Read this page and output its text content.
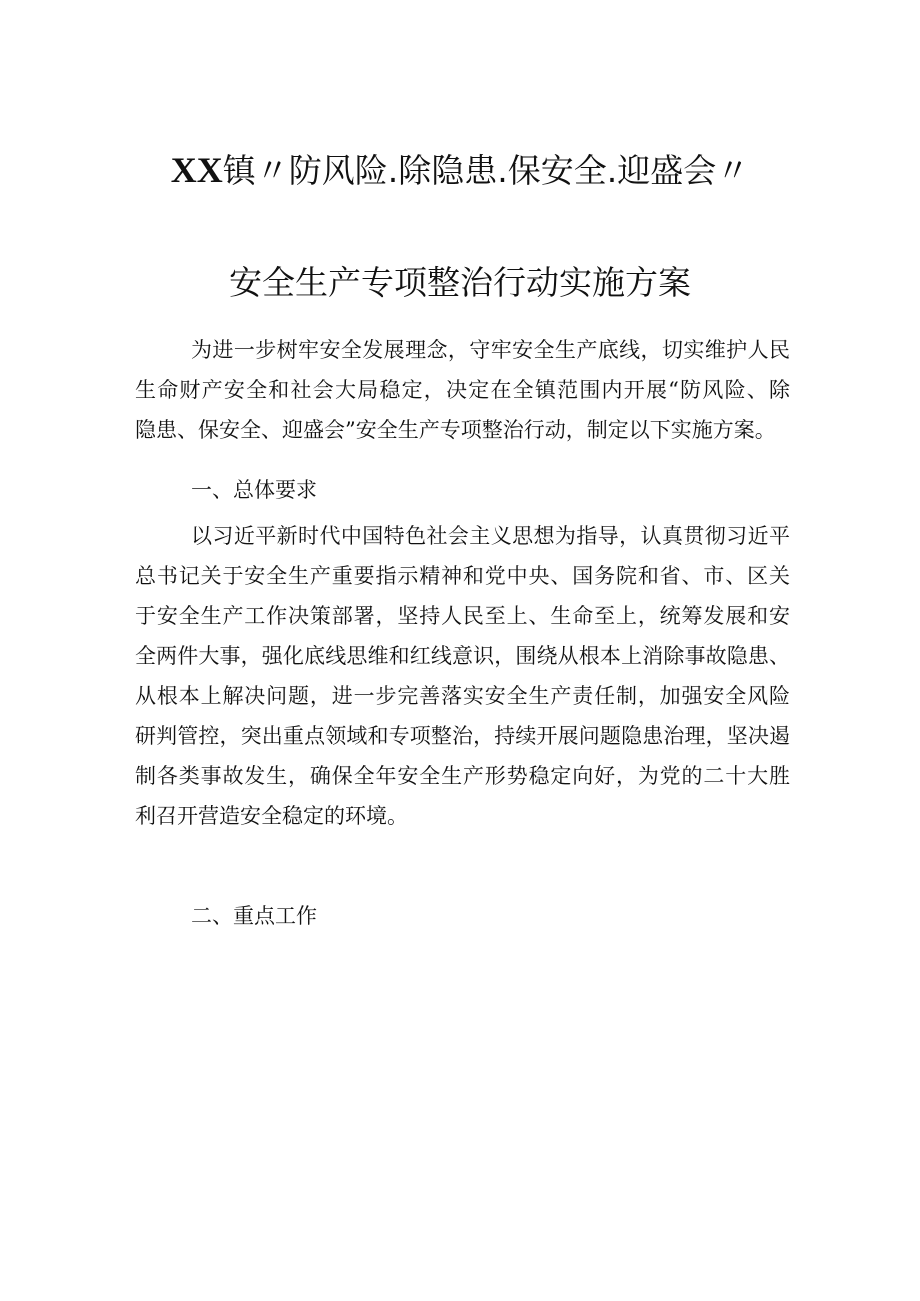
XX镇〃防风险.除隐患.保安全.迎盛会〃
安全生产专项整治行动实施方案
为进一步树牢安全发展理念，守牢安全生产底线，切实维护人民
生命财产安全和社会大局稳定，决定在全镇范围内开展“防风险、除
隐患、保安全、迎盛会”安全生产专项整治行动，制定以下实施方案。
一、总体要求
以习近平新时代中国特色社会主义思想为指导，认真贯彻习近平
总书记关于安全生产重要指示精神和党中央、国务院和省、市、区关
于安全生产工作决策部署，坚持人民至上、生命至上，统筹发展和安
全两件大事，强化底线思维和红线意识，围绕从根本上消除事故隐患、
从根本上解决问题，进一步完善落实安全生产责任制，加强安全风险
研判管控，突出重点领域和专项整治，持续开展问题隐患治理，坚决遏
制各类事故发生，确保全年安全生产形势稳定向好，为党的二十大胜
利召开营造安全稳定的环境。
二、重点工作
